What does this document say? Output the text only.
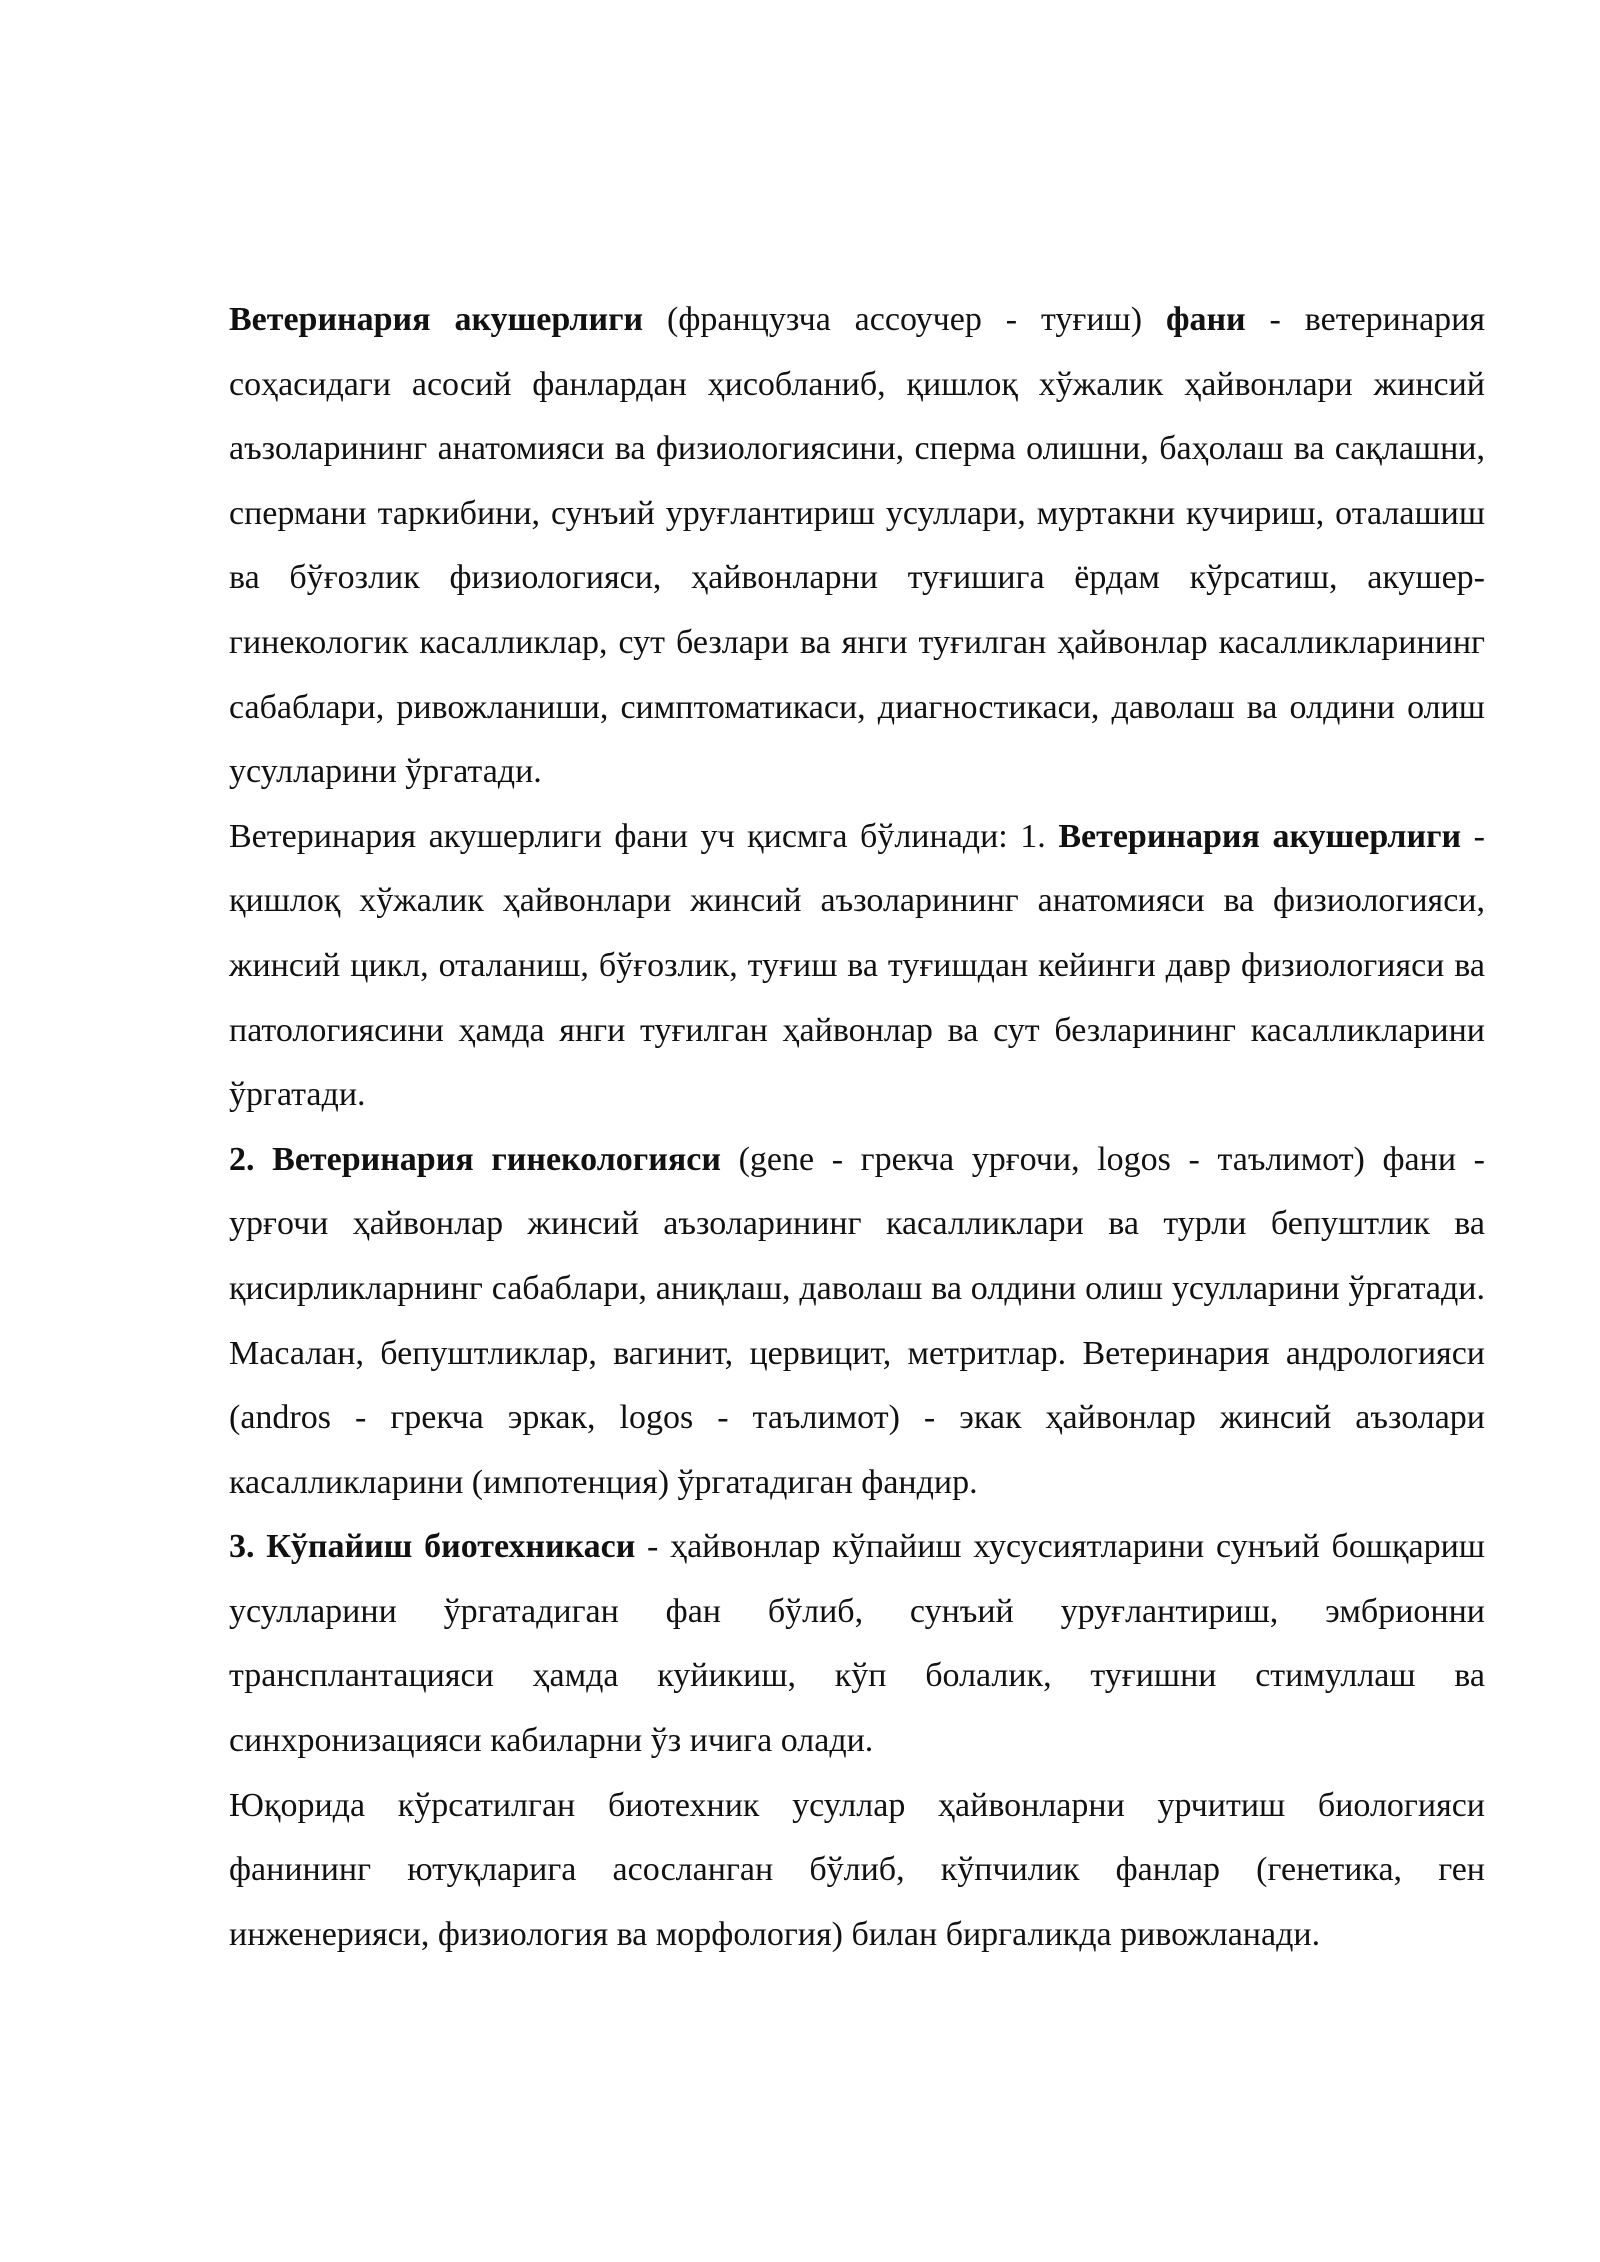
Ветеринария акушерлиги (французча ассоучер - туғиш) фани - ветеринария соҳасидаги асосий фанлардан ҳисобланиб, қишлоқ хўжалик ҳайвонлари жинсий аъзоларининг анатомияси ва физиологиясини, сперма олишни, баҳолаш ва сақлашни, спермани таркибини, сунъий уруғлантириш усуллари, муртакни кучириш, оталашиш ва бўғозлик физиологияси, ҳайвонларни туғишига ёрдам кўрсатиш, акушер-гинекологик касалликлар, сут безлари ва янги туғилган ҳайвонлар касалликларининг сабаблари, ривожланиши, симптоматикаси, диагностикаси, даволаш ва олдини олиш усулларини ўргатади.

Ветеринария акушерлиги фани уч қисмга бўлинади: 1. Ветеринария акушерлиги - қишлоқ хўжалик ҳайвонлари жинсий аъзоларининг анатомияси ва физиологияси, жинсий цикл, оталаниш, бўғозлик, туғиш ва туғишдан кейинги давр физиологияси ва патологиясини ҳамда янги туғилган ҳайвонлар ва сут безларининг касалликларини ўргатади.

2. Ветеринария гинекологияси (gene - грекча урғочи, logos - таълимот) фани - урғочи ҳайвонлар жинсий аъзоларининг касалликлари ва турли бепуштлик ва қисирликларнинг сабаблари, аниқлаш, даволаш ва олдини олиш усулларини ўргатади. Масалан, бепуштликлар, вагинит, цервицит, метритлар. Ветеринария андрологияси (andros - грекча эркак, logos - таълимот) - экак ҳайвонлар жинсий аъзолари касалликларини (импотенция) ўргатадиган фандир.

3. Кўпайиш биотехникаси - ҳайвонлар кўпайиш хусусиятларини сунъий бошқариш усулларини ўргатадиган фан бўлиб, сунъий уруғлантириш, эмбрионни трансплантацияси ҳамда куйикиш, кўп болалик, туғишни стимуллаш ва синхронизацияси кабиларни ўз ичига олади.

Юқорида кўрсатилган биотехник усуллар ҳайвонларни урчитиш биологияси фанининг ютуқларига асосланган бўлиб, кўпчилик фанлар (генетика, ген инженерияси, физиология ва морфология) билан биргаликда ривожланади.
